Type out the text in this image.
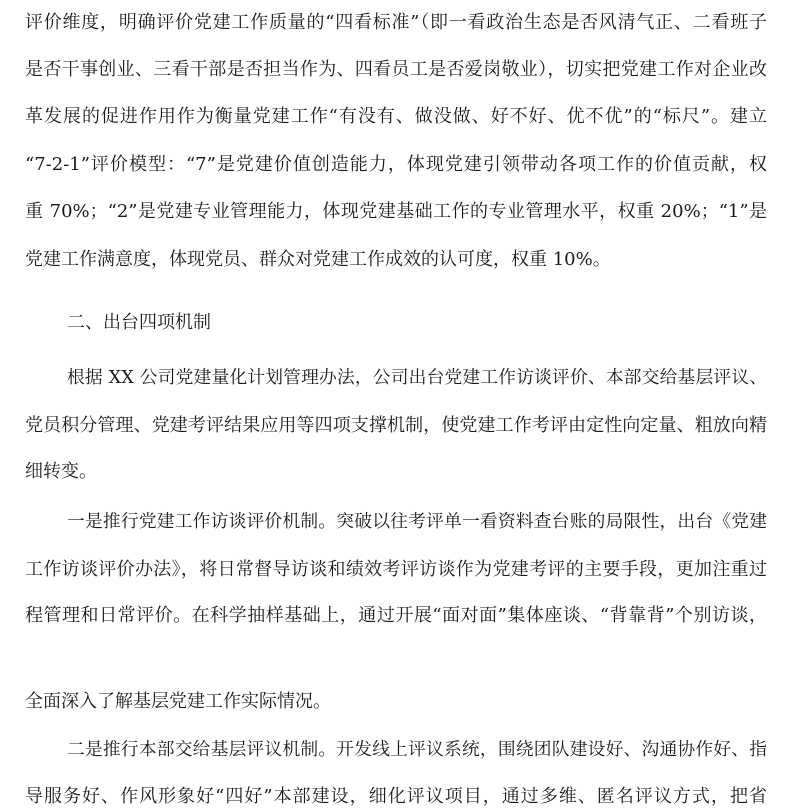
评价维度，明确评价党建工作质量的“四看标准”（即一看政治生态是否风清气正、二看班子
是否干事创业、三看干部是否担当作为、四看员工是否爱岗敬业），切实把党建工作对企业改
革发展的促进作用作为衡量党建工作“有没有、做没做、好不好、优不优”的“标尺”。建立
“7-2-1”评价模型：“7”是党建价值创造能力，体现党建引领带动各项工作的价值贡献，权
重 70%；“2”是党建专业管理能力，体现党建基础工作的专业管理水平，权重 20%；“1”是
党建工作满意度，体现党员、群众对党建工作成效的认可度，权重 10%。
二、出台四项机制
根据 XX 公司党建量化计划管理办法，公司出台党建工作访谈评价、本部交给基层评议、
党员积分管理、党建考评结果应用等四项支撑机制，使党建工作考评由定性向定量、粗放向精
细转变。
一是推行党建工作访谈评价机制。突破以往考评单一看资料查台账的局限性，出台《党建
工作访谈评价办法》，将日常督导访谈和绩效考评访谈作为党建考评的主要手段，更加注重过
程管理和日常评价。在科学抽样基础上，通过开展“面对面”集体座谈、“背靠背”个别访谈，
全面深入了解基层党建工作实际情况。
二是推行本部交给基层评议机制。开发线上评议系统，围绕团队建设好、沟通协作好、指
导服务好、作风形象好“四好”本部建设，细化评议项目，通过多维、匿名评议方式，把省
